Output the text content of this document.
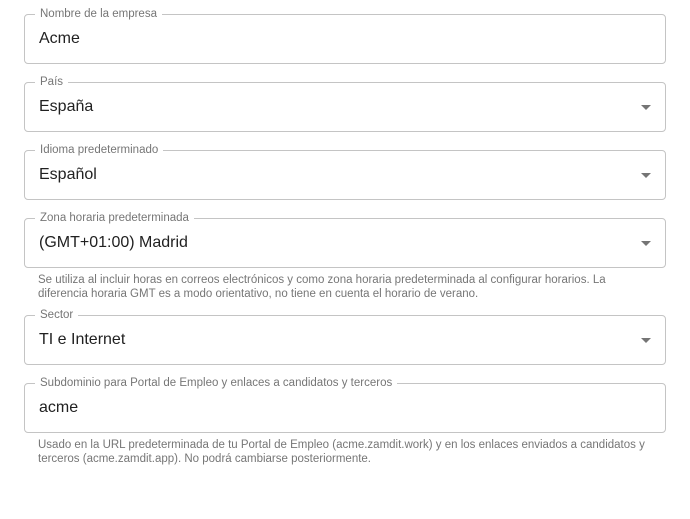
Nombre de la empresa
Acme
País
España
Idioma predeterminado
Español
Zona horaria predeterminada
(GMT+01:00) Madrid
Se utiliza al incluir horas en correos electrónicos y como zona horaria predeterminada al configurar horarios. La diferencia horaria GMT es a modo orientativo, no tiene en cuenta el horario de verano.
Sector
TI e Internet
Subdominio para Portal de Empleo y enlaces a candidatos y terceros
acme
Usado en la URL predeterminada de tu Portal de Empleo (acme.zamdit.work) y en los enlaces enviados a candidatos y terceros (acme.zamdit.app). No podrá cambiarse posteriormente.
